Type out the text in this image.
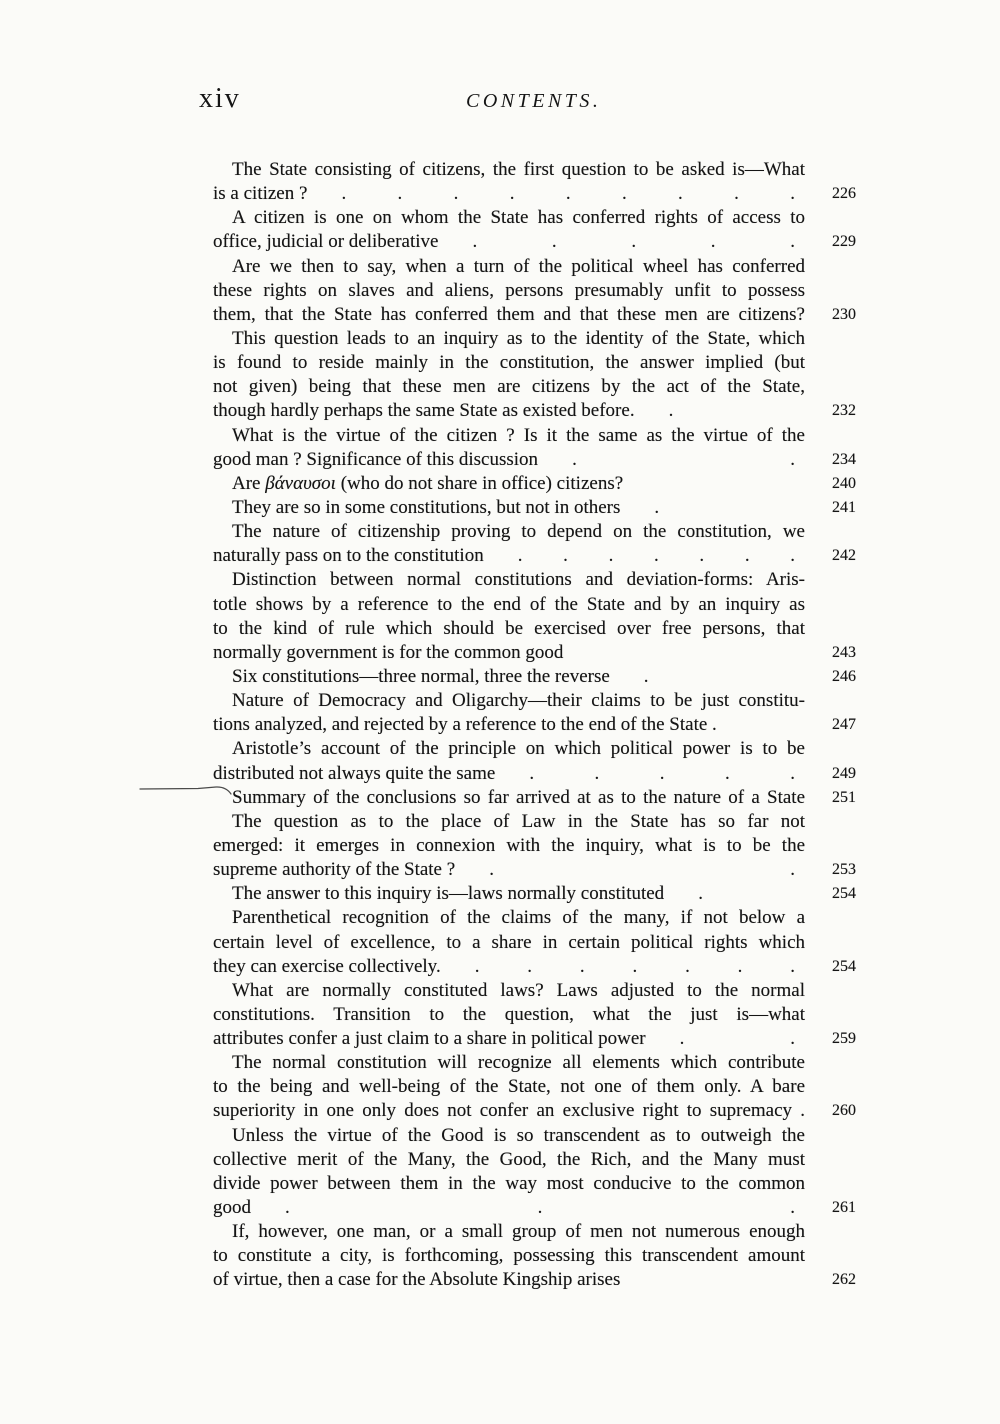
xiv	CONTENTS.
The State consisting of citizens, the first question to be asked is—What
is a citizen ?	. . . . . . . . .	226
A citizen is one on whom the State has conferred rights of access to
office, judicial or deliberative	. . . . .	229
Are we then to say, when a turn of the political wheel has conferred
these rights on slaves and aliens, persons presumably unfit to possess
them, that the State has conferred them and that these men are citizens? 230
This question leads to an inquiry as to the identity of the State, which
is found to reside mainly in the constitution, the answer implied (but
not given) being that these men are citizens by the act of the State,
though hardly perhaps the same State as existed before.	.	232
What is the virtue of the citizen ? Is it the same as the virtue of the
good man ? Significance of this discussion	. .	234
Are βάναυσοι (who do not share in office) citizens?	240
They are so in some constitutions, but not in others	.	241
The nature of citizenship proving to depend on the constitution, we
naturally pass on to the constitution	. . . . . . .	242
Distinction between normal constitutions and deviation-forms: Aris-
totle shows by a reference to the end of the State and by an inquiry as
to the kind of rule which should be exercised over free persons, that
normally government is for the common good	243
Six constitutions—three normal, three the reverse	.	246
Nature of Democracy and Oligarchy—their claims to be just constitu-
tions analyzed, and rejected by a reference to the end of the State .	247
Aristotle’s account of the principle on which political power is to be
distributed not always quite the same	. . . . .	249
Summary of the conclusions so far arrived at as to the nature of a State 251
The question as to the place of Law in the State has so far not
emerged: it emerges in connexion with the inquiry, what is to be the
supreme authority of the State ?	. .	253
The answer to this inquiry is—laws normally constituted	.	254
Parenthetical recognition of the claims of the many, if not below a
certain level of excellence, to a share in certain political rights which
they can exercise collectively.	. . . . . . .	254
What are normally constituted laws? Laws adjusted to the normal
constitutions. Transition to the question, what the just is—what
attributes confer a just claim to a share in political power	. .	259
The normal constitution will recognize all elements which contribute
to the being and well-being of the State, not one of them only. A bare
superiority in one only does not confer an exclusive right to supremacy . 260
Unless the virtue of the Good is so transcendent as to outweigh the
collective merit of the Many, the Good, the Rich, and the Many must
divide power between them in the way most conducive to the common
good	. . .	261
If, however, one man, or a small group of men not numerous enough
to constitute a city, is forthcoming, possessing this transcendent amount
of virtue, then a case for the Absolute Kingship arises	262
